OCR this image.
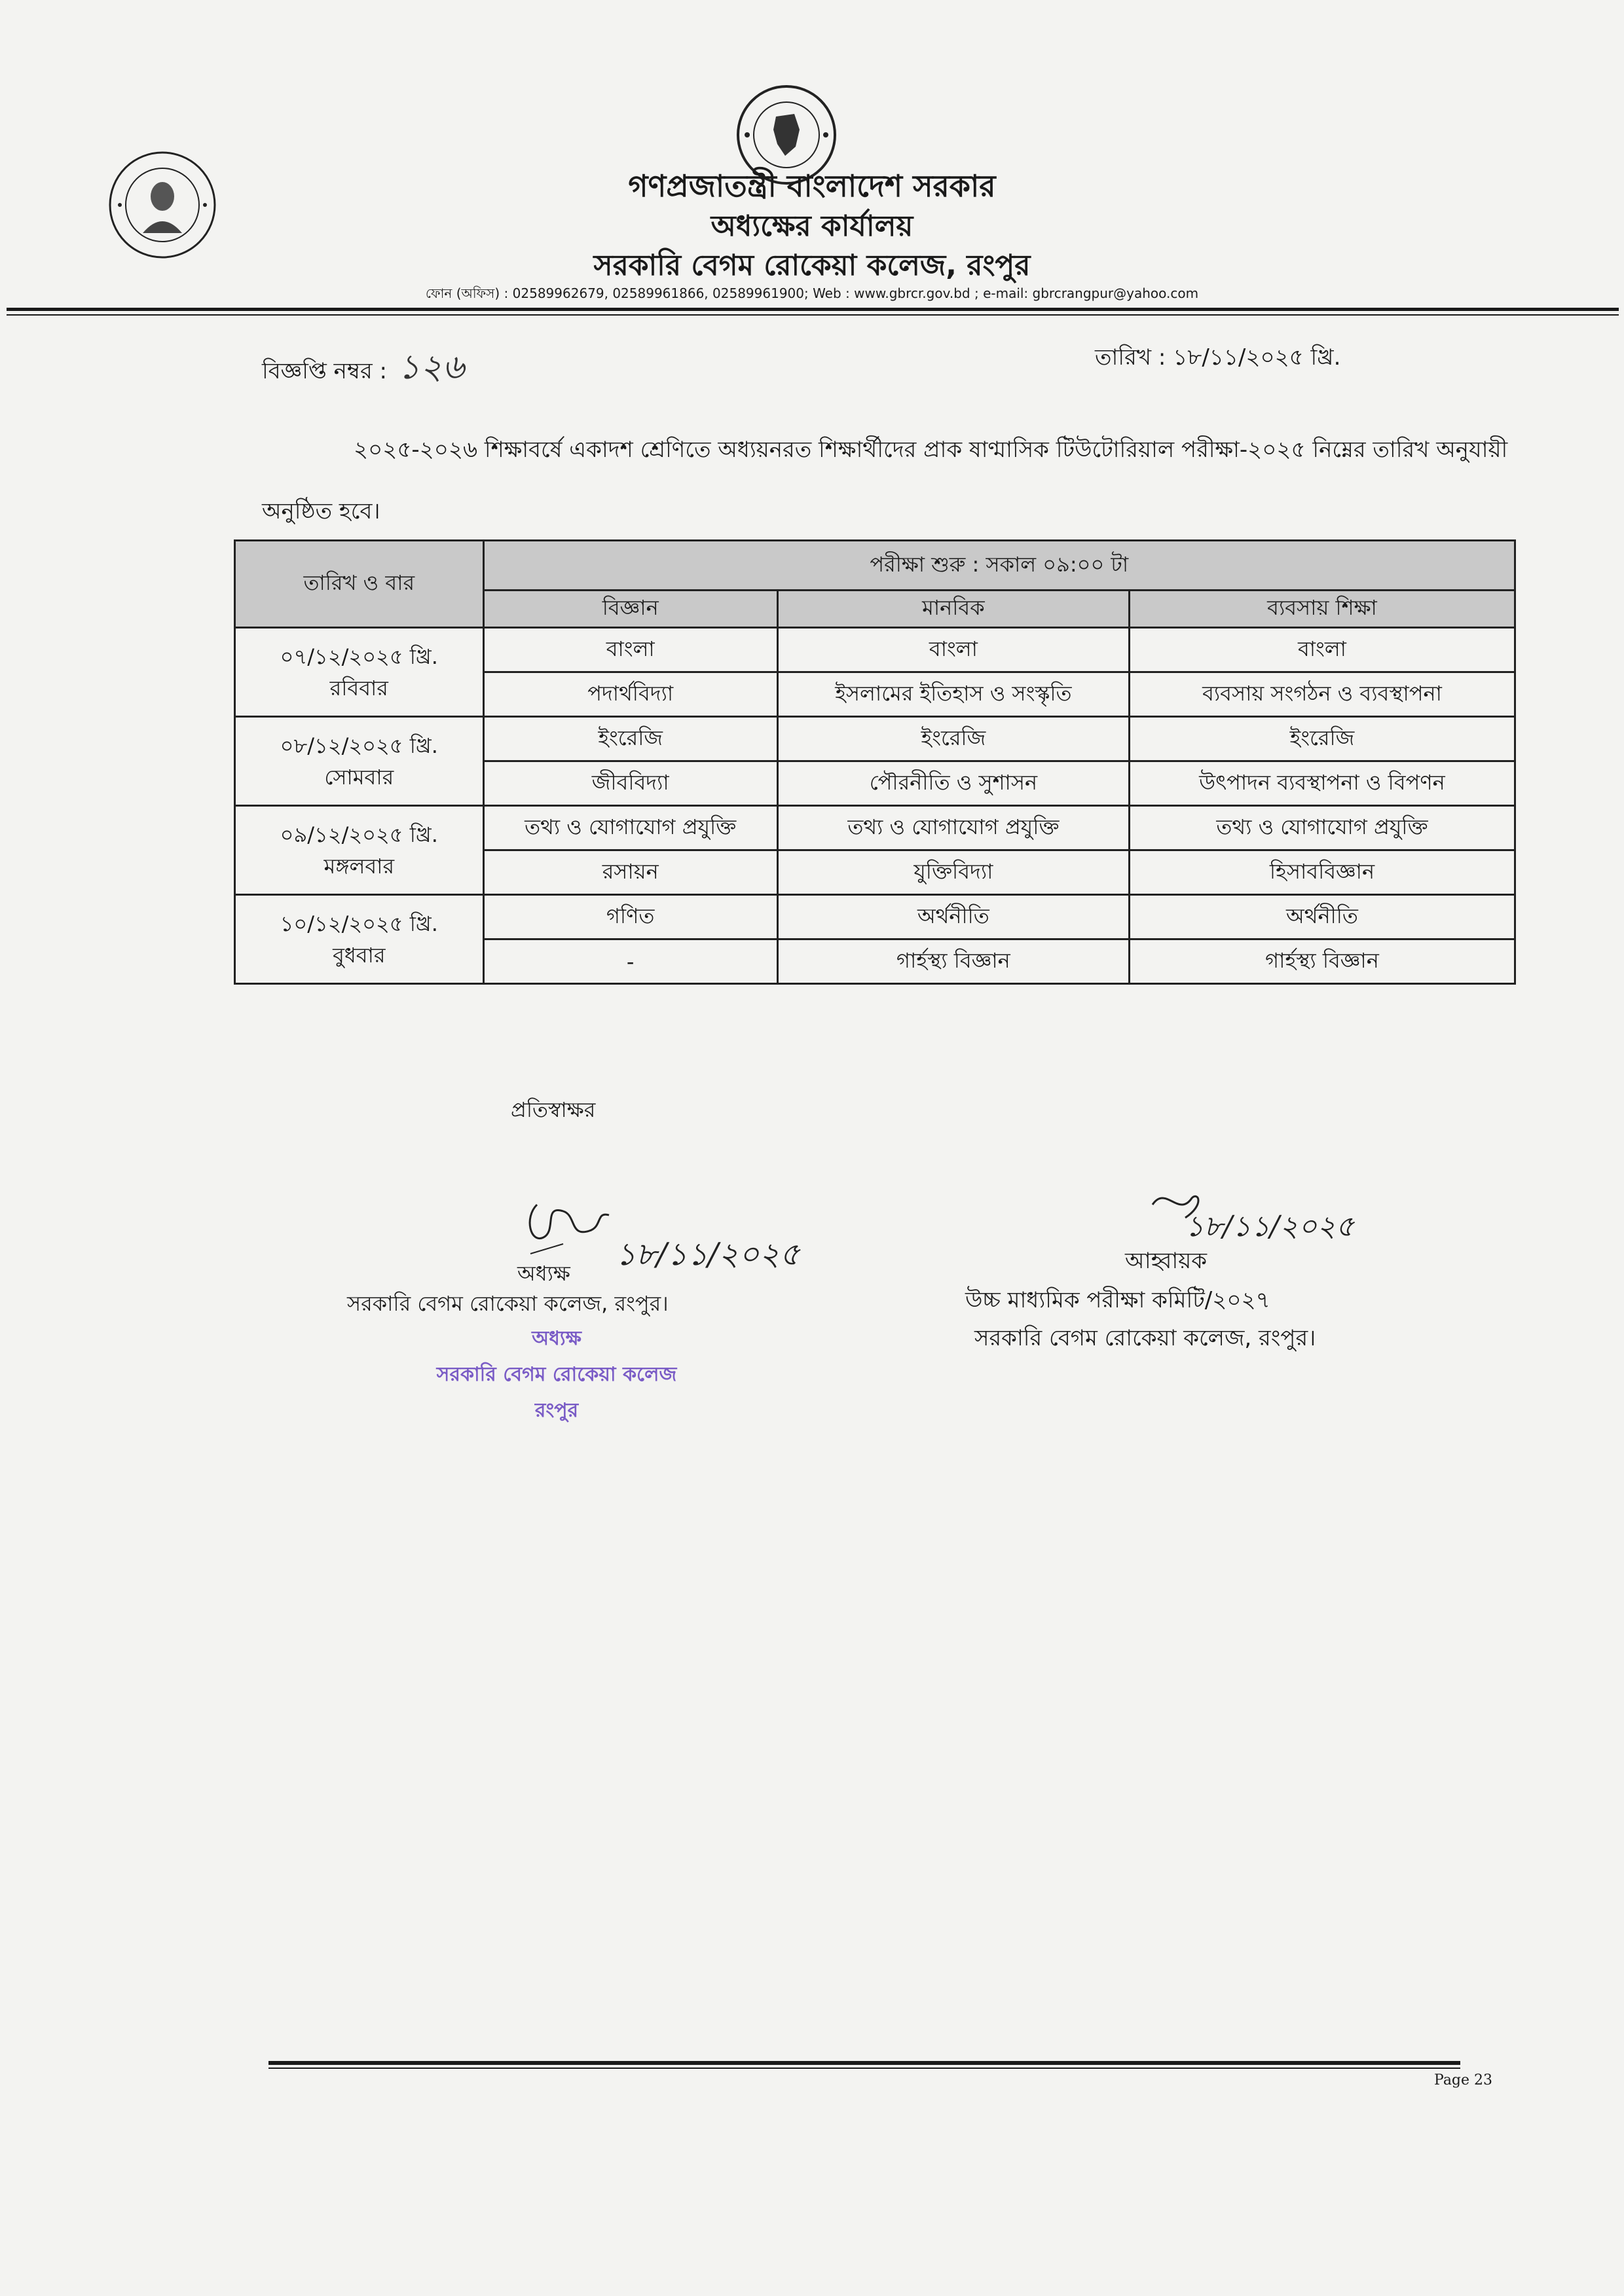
গণপ্রজাতন্ত্রী বাংলাদেশ সরকার
অধ্যক্ষের কার্যালয়
সরকারি বেগম রোকেয়া কলেজ, রংপুর
ফোন (অফিস) : 02589962679, 02589961866, 02589961900; Web : www.gbrcr.gov.bd ; e-mail: gbrcrangpur@yahoo.com
বিজ্ঞপ্তি নম্বর : ১২৬	তারিখ : ১৮/১১/২০২৫ খ্রি.
২০২৫-২০২৬ শিক্ষাবর্ষে একাদশ শ্রেণিতে অধ্যয়নরত শিক্ষার্থীদের প্রাক ষাণ্মাসিক টিউটোরিয়াল পরীক্ষা-২০২৫ নিম্নের তারিখ অনুযায়ী অনুষ্ঠিত হবে।
তারিখ ও বার	পরীক্ষা শুরু : সকাল ০৯:০০ টা		
	বিজ্ঞান	মানবিক	ব্যবসায় শিক্ষা

০৭/১২/২০২৫ খ্রি.
রবিবার	বাংলা	বাংলা	বাংলা
	পদার্থবিদ্যা	ইসলামের ইতিহাস ও সংস্কৃতি	ব্যবসায় সংগঠন ও ব্যবস্থাপনা

০৮/১২/২০২৫ খ্রি.
সোমবার	ইংরেজি	ইংরেজি	ইংরেজি
	জীববিদ্যা	পৌরনীতি ও সুশাসন	উৎপাদন ব্যবস্থাপনা ও বিপণন

০৯/১২/২০২৫ খ্রি.
মঙ্গলবার	তথ্য ও যোগাযোগ প্রযুক্তি	তথ্য ও যোগাযোগ প্রযুক্তি	তথ্য ও যোগাযোগ প্রযুক্তি
	রসায়ন	যুক্তিবিদ্যা	হিসাববিজ্ঞান

১০/১২/২০২৫ খ্রি.
বুধবার	গণিত	অর্থনীতি	অর্থনীতি
	-	গার্হস্থ্য বিজ্ঞান	গার্হস্থ্য বিজ্ঞান
প্রতিস্বাক্ষর
১৮/১১/২০২৫
অধ্যক্ষ
সরকারি বেগম রোকেয়া কলেজ, রংপুর।
অধ্যক্ষ
সরকারি বেগম রোকেয়া কলেজ
রংপুর
১৮/১১/২০২৫
আহ্বায়ক
উচ্চ মাধ্যমিক পরীক্ষা কমিটি/২০২৭
সরকারি বেগম রোকেয়া কলেজ, রংপুর।
Page 23
